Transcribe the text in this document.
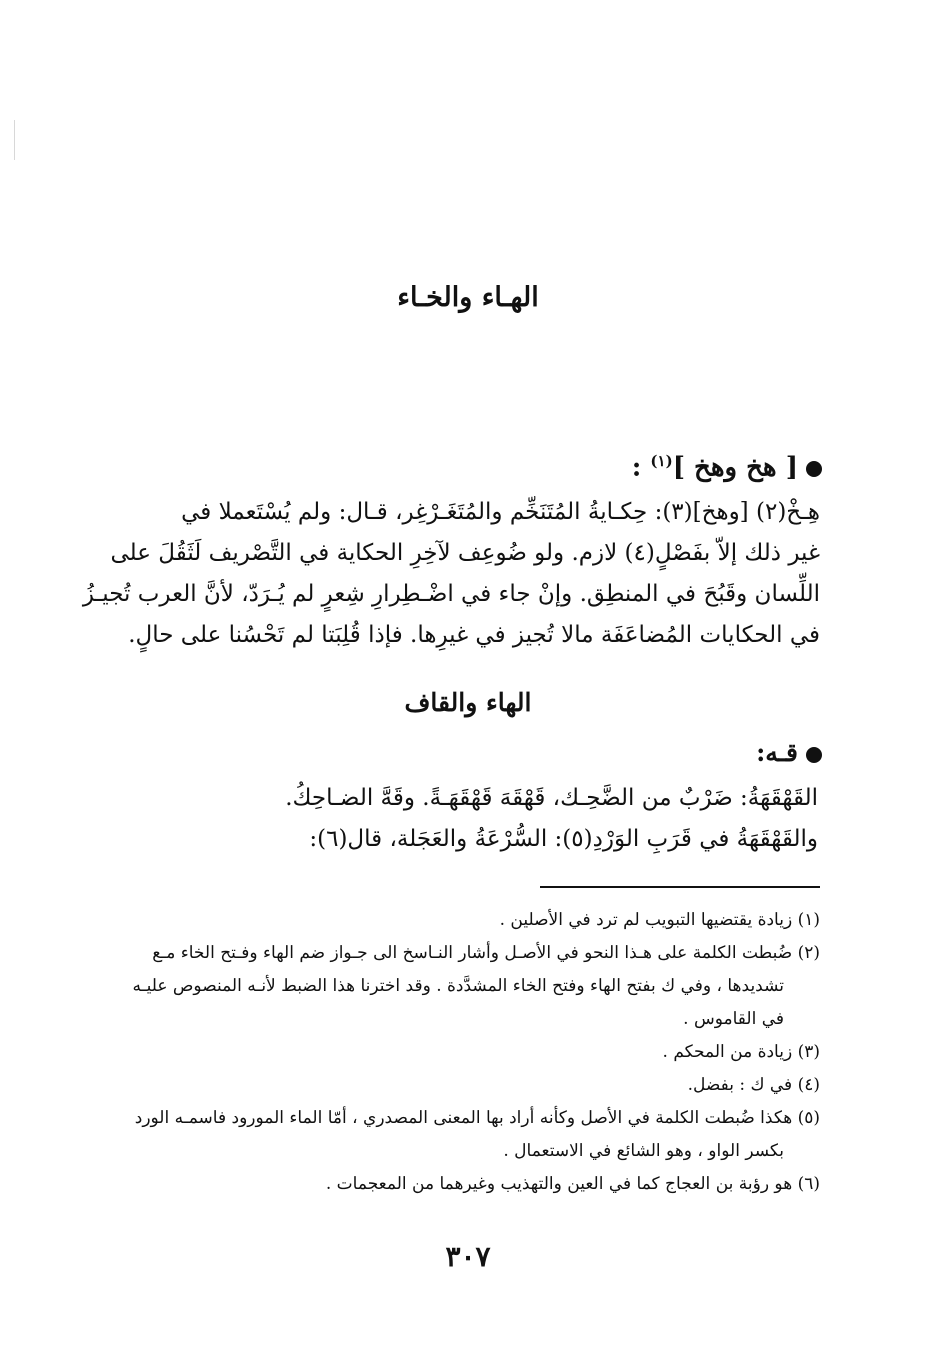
الهـاء والخـاء
[ هخ وهخ ]$^{(١)}$ :

هِـخْ(٢) [وهخ](٣): حِكـايةُ المُتَنَخِّم والمُتَغَـرْغِر، قـال: ولم يُسْتَعملا في

غير ذلك إلاّ بفَصْلٍ(٤) لازم. ولو ضُوعِف لآخِرِ الحكاية في التَّصْريف لَثَقُلَ على

اللِّسان وقَبُحَ في المنطِق. وإنْ جاء في اضْـطِرارِ شِعرٍ لم يُـرَدّ، لأنَّ العرب تُجيـزُ

في الحكايات المُضاعَفَة مالا تُجيز في غيرِها. فإذا قُلِبَتا لم تَحْسُنا على حالٍ.

الهاء والقاف
قـه:

القَهْقَهَةُ: ضَرْبٌ من الضَّحِـك، قَهْقَهَ قَهْقَهَـةً. وقَهَّ الضـاحِكُ.

والقَهْقَهَةُ في قَرَبِ الوَرْدِ(٥): السُّرْعَةُ والعَجَلة، قال(٦):

(١) زيادة يقتضيها التبويب لم ترد في الأصلين .

(٢) ضُبطت الكلمة على هـذا النحو في الأصـل وأشار النـاسخ الى جـواز ضم الهاء وفـتح الخاء مـع

تشديدها ، وفي ك بفتح الهاء وفتح الخاء المشدَّدة . وقد اخترنا هذا الضبط لأنـه المنصوص عليـه

في القاموس .

(٣) زيادة من المحكم .

(٤) في ك : بفضل.

(٥) هكذا ضُبطت الكلمة في الأصل وكأنه أراد بها المعنى المصدري ، أمّا الماء المورود فاسمـه الورد

بكسر الواو ، وهو الشائع في الاستعمال .

(٦) هو رؤبة بن العجاج كما في العين والتهذيب وغيرهما من المعجمات .

٣٠٧
